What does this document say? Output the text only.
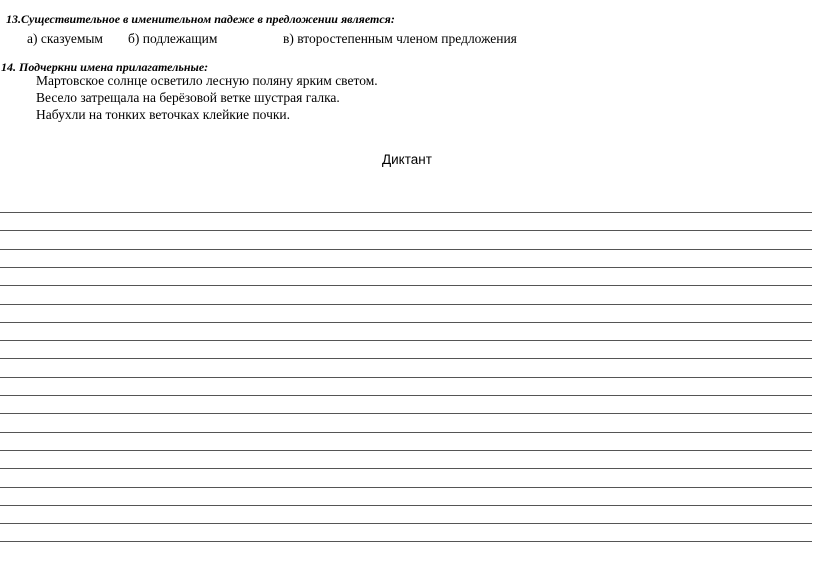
13.Существительное в именительном падеже в предложении является:
а) сказуемым б) подлежащим	в) второстепенным членом предложения
14. Подчеркни имена прилагательные:
Мартовское солнце осветило лесную поляну ярким светом.
Весело затрещала на берёзовой ветке шустрая галка.
Набухли на тонких веточках клейкие почки.
Диктант
